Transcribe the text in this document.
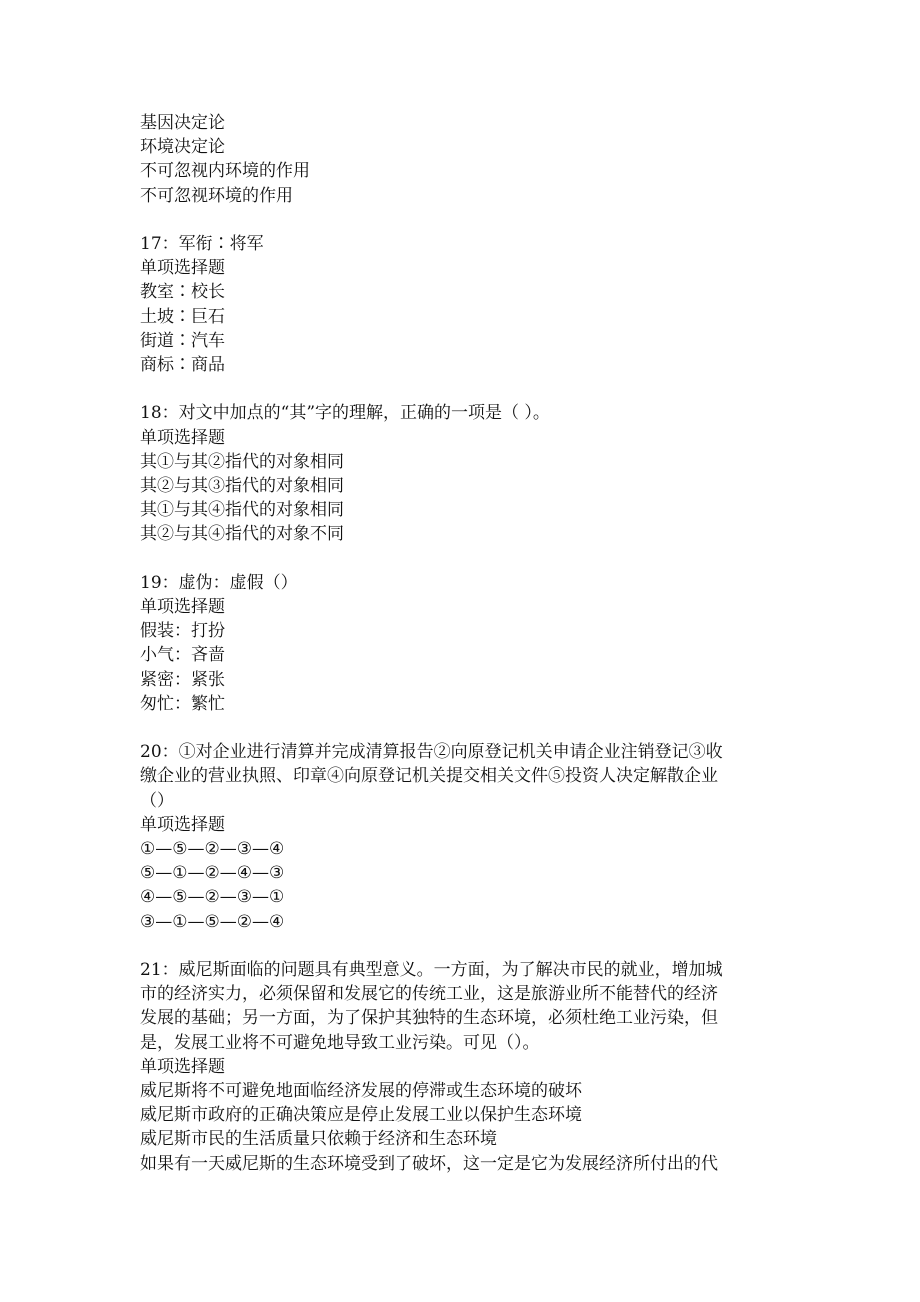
基因决定论
环境决定论
不可忽视内环境的作用
不可忽视环境的作用
17：军衔∶将军
单项选择题
教室∶校长
土坡∶巨石
街道∶汽车
商标∶商品
18：对文中加点的“其”字的理解，正确的一项是（ ）。
单项选择题
其①与其②指代的对象相同
其②与其③指代的对象相同
其①与其④指代的对象相同
其②与其④指代的对象不同
19：虚伪：虚假（）
单项选择题
假装：打扮
小气：吝啬
紧密：紧张
匆忙：繁忙
20：①对企业进行清算并完成清算报告②向原登记机关申请企业注销登记③收
缴企业的营业执照、印章④向原登记机关提交相关文件⑤投资人决定解散企业
（）
单项选择题
①—⑤—②—③—④
⑤—①—②—④—③
④—⑤—②—③—①
③—①—⑤—②—④
21：威尼斯面临的问题具有典型意义。一方面，为了解决市民的就业，增加城
市的经济实力，必须保留和发展它的传统工业，这是旅游业所不能替代的经济
发展的基础；另一方面，为了保护其独特的生态环境，必须杜绝工业污染，但
是，发展工业将不可避免地导致工业污染。可见（）。
单项选择题
威尼斯将不可避免地面临经济发展的停滞或生态环境的破坏
威尼斯市政府的正确决策应是停止发展工业以保护生态环境
威尼斯市民的生活质量只依赖于经济和生态环境
如果有一天威尼斯的生态环境受到了破坏，这一定是它为发展经济所付出的代
